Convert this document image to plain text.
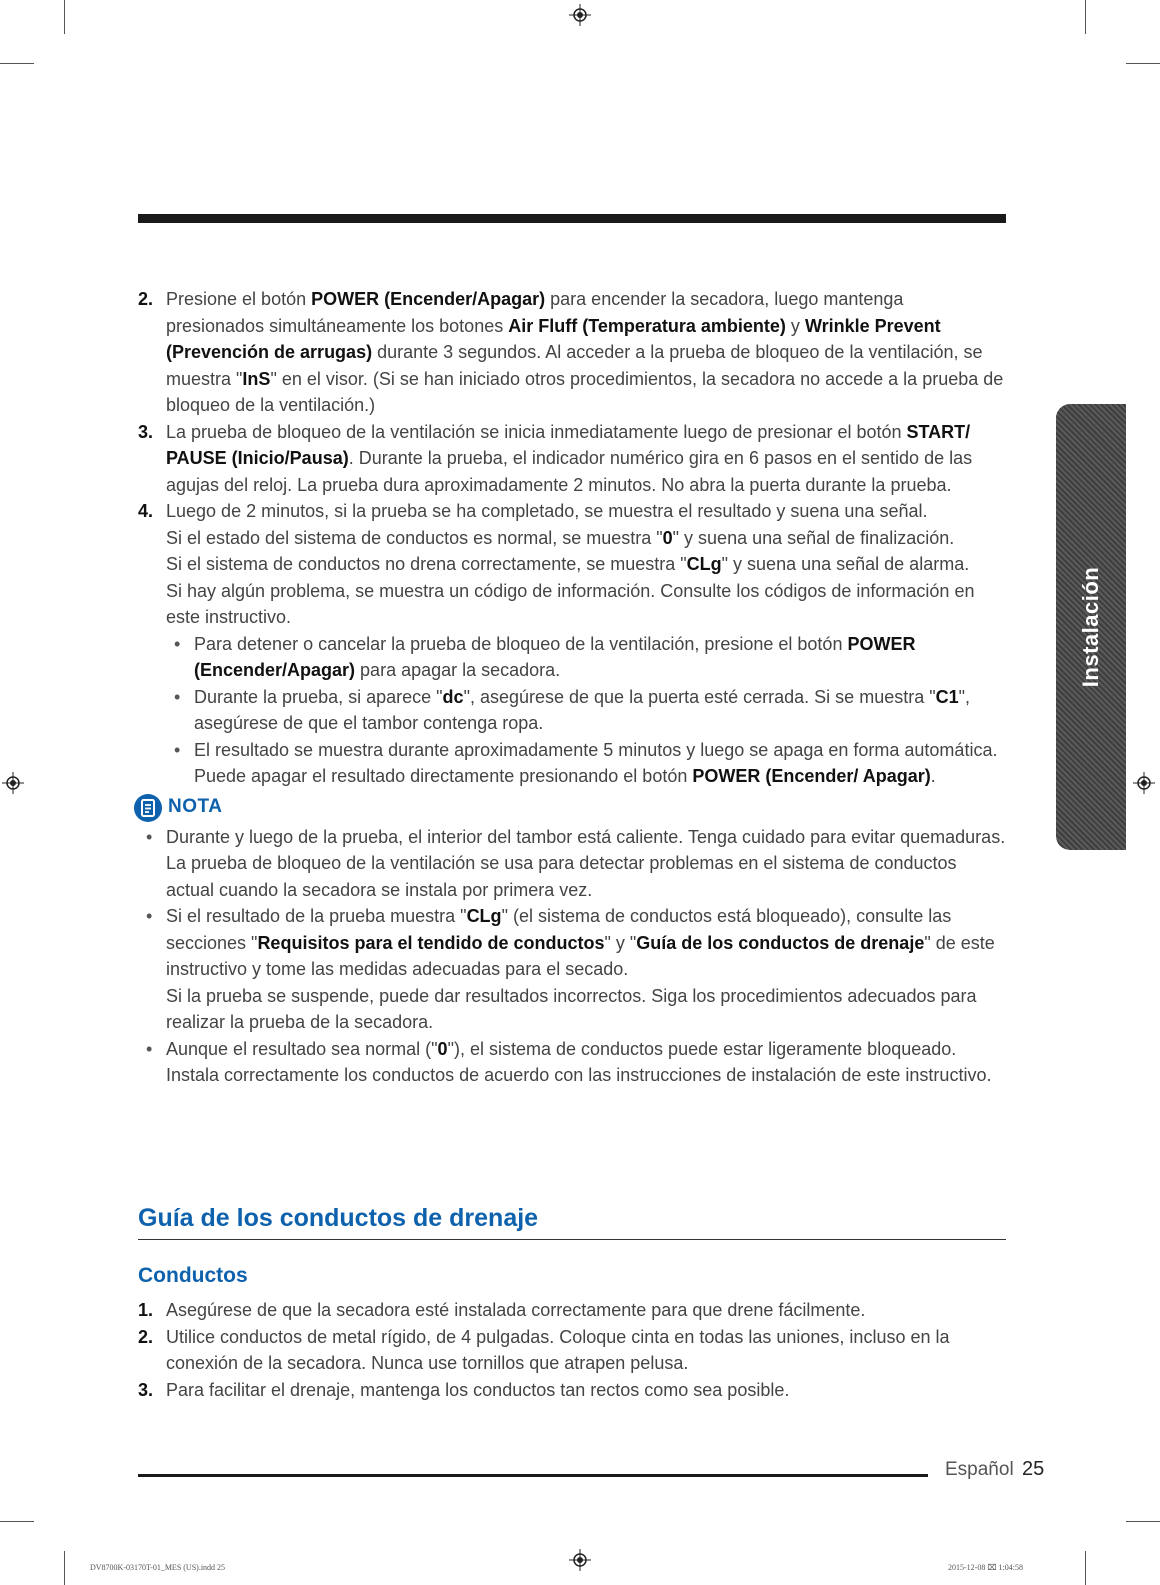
2. Presione el botón POWER (Encender/Apagar) para encender la secadora, luego mantenga presionados simultáneamente los botones Air Fluff (Temperatura ambiente) y Wrinkle Prevent (Prevención de arrugas) durante 3 segundos. Al acceder a la prueba de bloqueo de la ventilación, se muestra "InS" en el visor. (Si se han iniciado otros procedimientos, la secadora no accede a la prueba de bloqueo de la ventilación.)
3. La prueba de bloqueo de la ventilación se inicia inmediatamente luego de presionar el botón START/ PAUSE (Inicio/Pausa). Durante la prueba, el indicador numérico gira en 6 pasos en el sentido de las agujas del reloj. La prueba dura aproximadamente 2 minutos. No abra la puerta durante la prueba.
4. Luego de 2 minutos, si la prueba se ha completado, se muestra el resultado y suena una señal.
Si el estado del sistema de conductos es normal, se muestra "0" y suena una señal de finalización.
Si el sistema de conductos no drena correctamente, se muestra "CLg" y suena una señal de alarma.
Si hay algún problema, se muestra un código de información. Consulte los códigos de información en este instructivo.
• Para detener o cancelar la prueba de bloqueo de la ventilación, presione el botón POWER (Encender/Apagar) para apagar la secadora.
• Durante la prueba, si aparece "dc", asegúrese de que la puerta esté cerrada. Si se muestra "C1", asegúrese de que el tambor contenga ropa.
• El resultado se muestra durante aproximadamente 5 minutos y luego se apaga en forma automática. Puede apagar el resultado directamente presionando el botón POWER (Encender/ Apagar).
NOTA
• Durante y luego de la prueba, el interior del tambor está caliente. Tenga cuidado para evitar quemaduras.
La prueba de bloqueo de la ventilación se usa para detectar problemas en el sistema de conductos actual cuando la secadora se instala por primera vez.
• Si el resultado de la prueba muestra "CLg" (el sistema de conductos está bloqueado), consulte las secciones "Requisitos para el tendido de conductos" y "Guía de los conductos de drenaje" de este instructivo y tome las medidas adecuadas para el secado.
Si la prueba se suspende, puede dar resultados incorrectos. Siga los procedimientos adecuados para realizar la prueba de la secadora.
• Aunque el resultado sea normal ("0"), el sistema de conductos puede estar ligeramente bloqueado. Instala correctamente los conductos de acuerdo con las instrucciones de instalación de este instructivo.
Guía de los conductos de drenaje
Conductos
1. Asegúrese de que la secadora esté instalada correctamente para que drene fácilmente.
2. Utilice conductos de metal rígido, de 4 pulgadas. Coloque cinta en todas las uniones, incluso en la conexión de la secadora. Nunca use tornillos que atrapen pelusa.
3. Para facilitar el drenaje, mantenga los conductos tan rectos como sea posible.
Instalación
Español 25
DV8700K-03170T-01_MES (US).indd 25	2015-12-08 ⌧ 1:04:58
